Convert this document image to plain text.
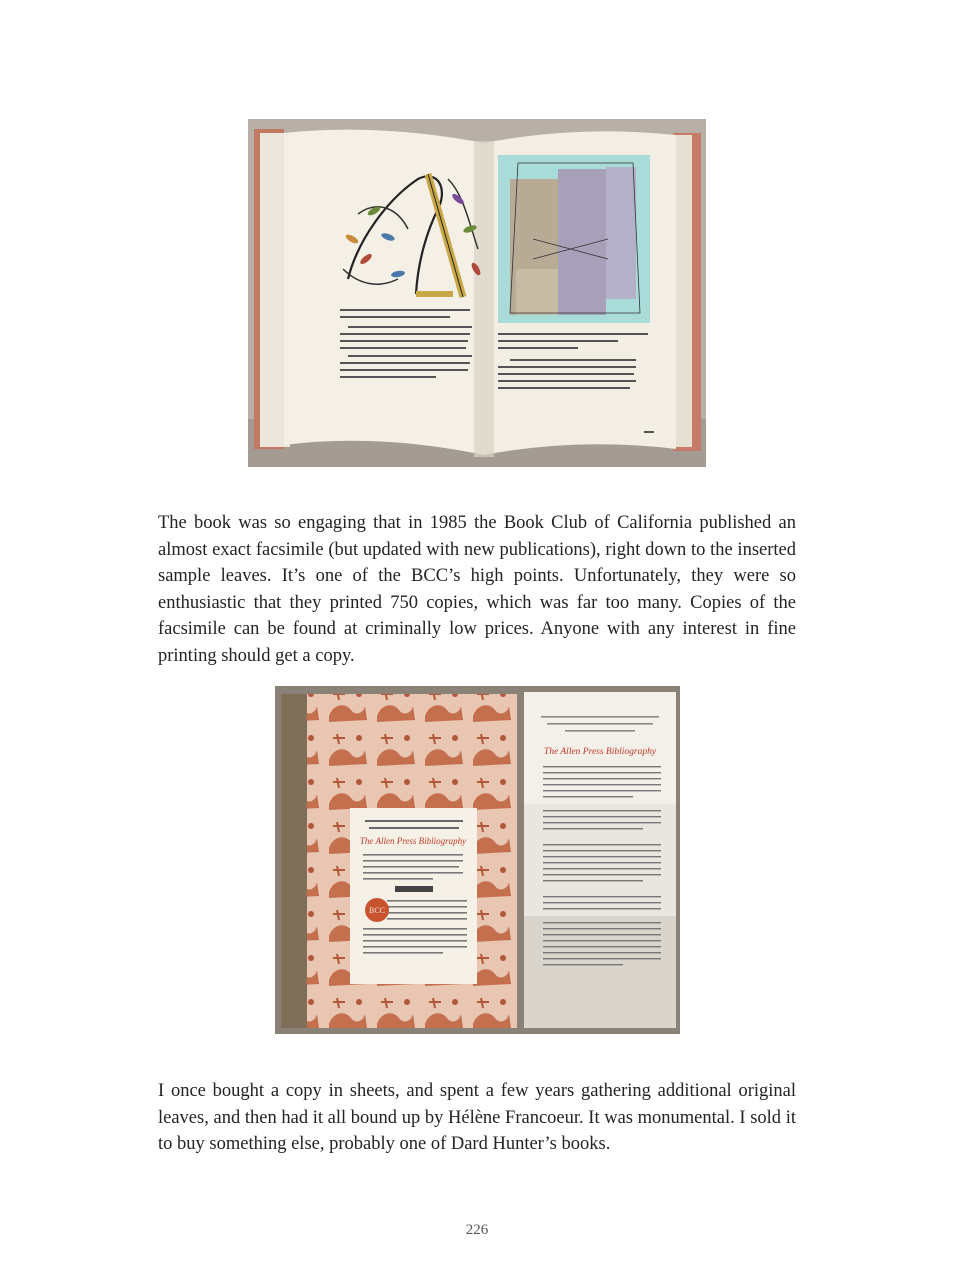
The book was so engaging that in 1985 the Book Club of California published an almost exact facsimile (but updated with new publications), right down to the inserted sample leaves. It’s one of the BCC’s high points. Unfortunately, they were so enthusiastic that they printed 750 copies, which was far too many. Copies of the facsimile can be found at criminally low prices. Anyone with any interest in fine printing should get a copy.

The Allen Press Bibliography
BCC
The Allen Press Bibliography

I once bought a copy in sheets, and spent a few years gathering additional original leaves, and then had it all bound up by Hélène Francoeur. It was monumental. I sold it to buy something else, probably one of Dard Hunter’s books.

226
